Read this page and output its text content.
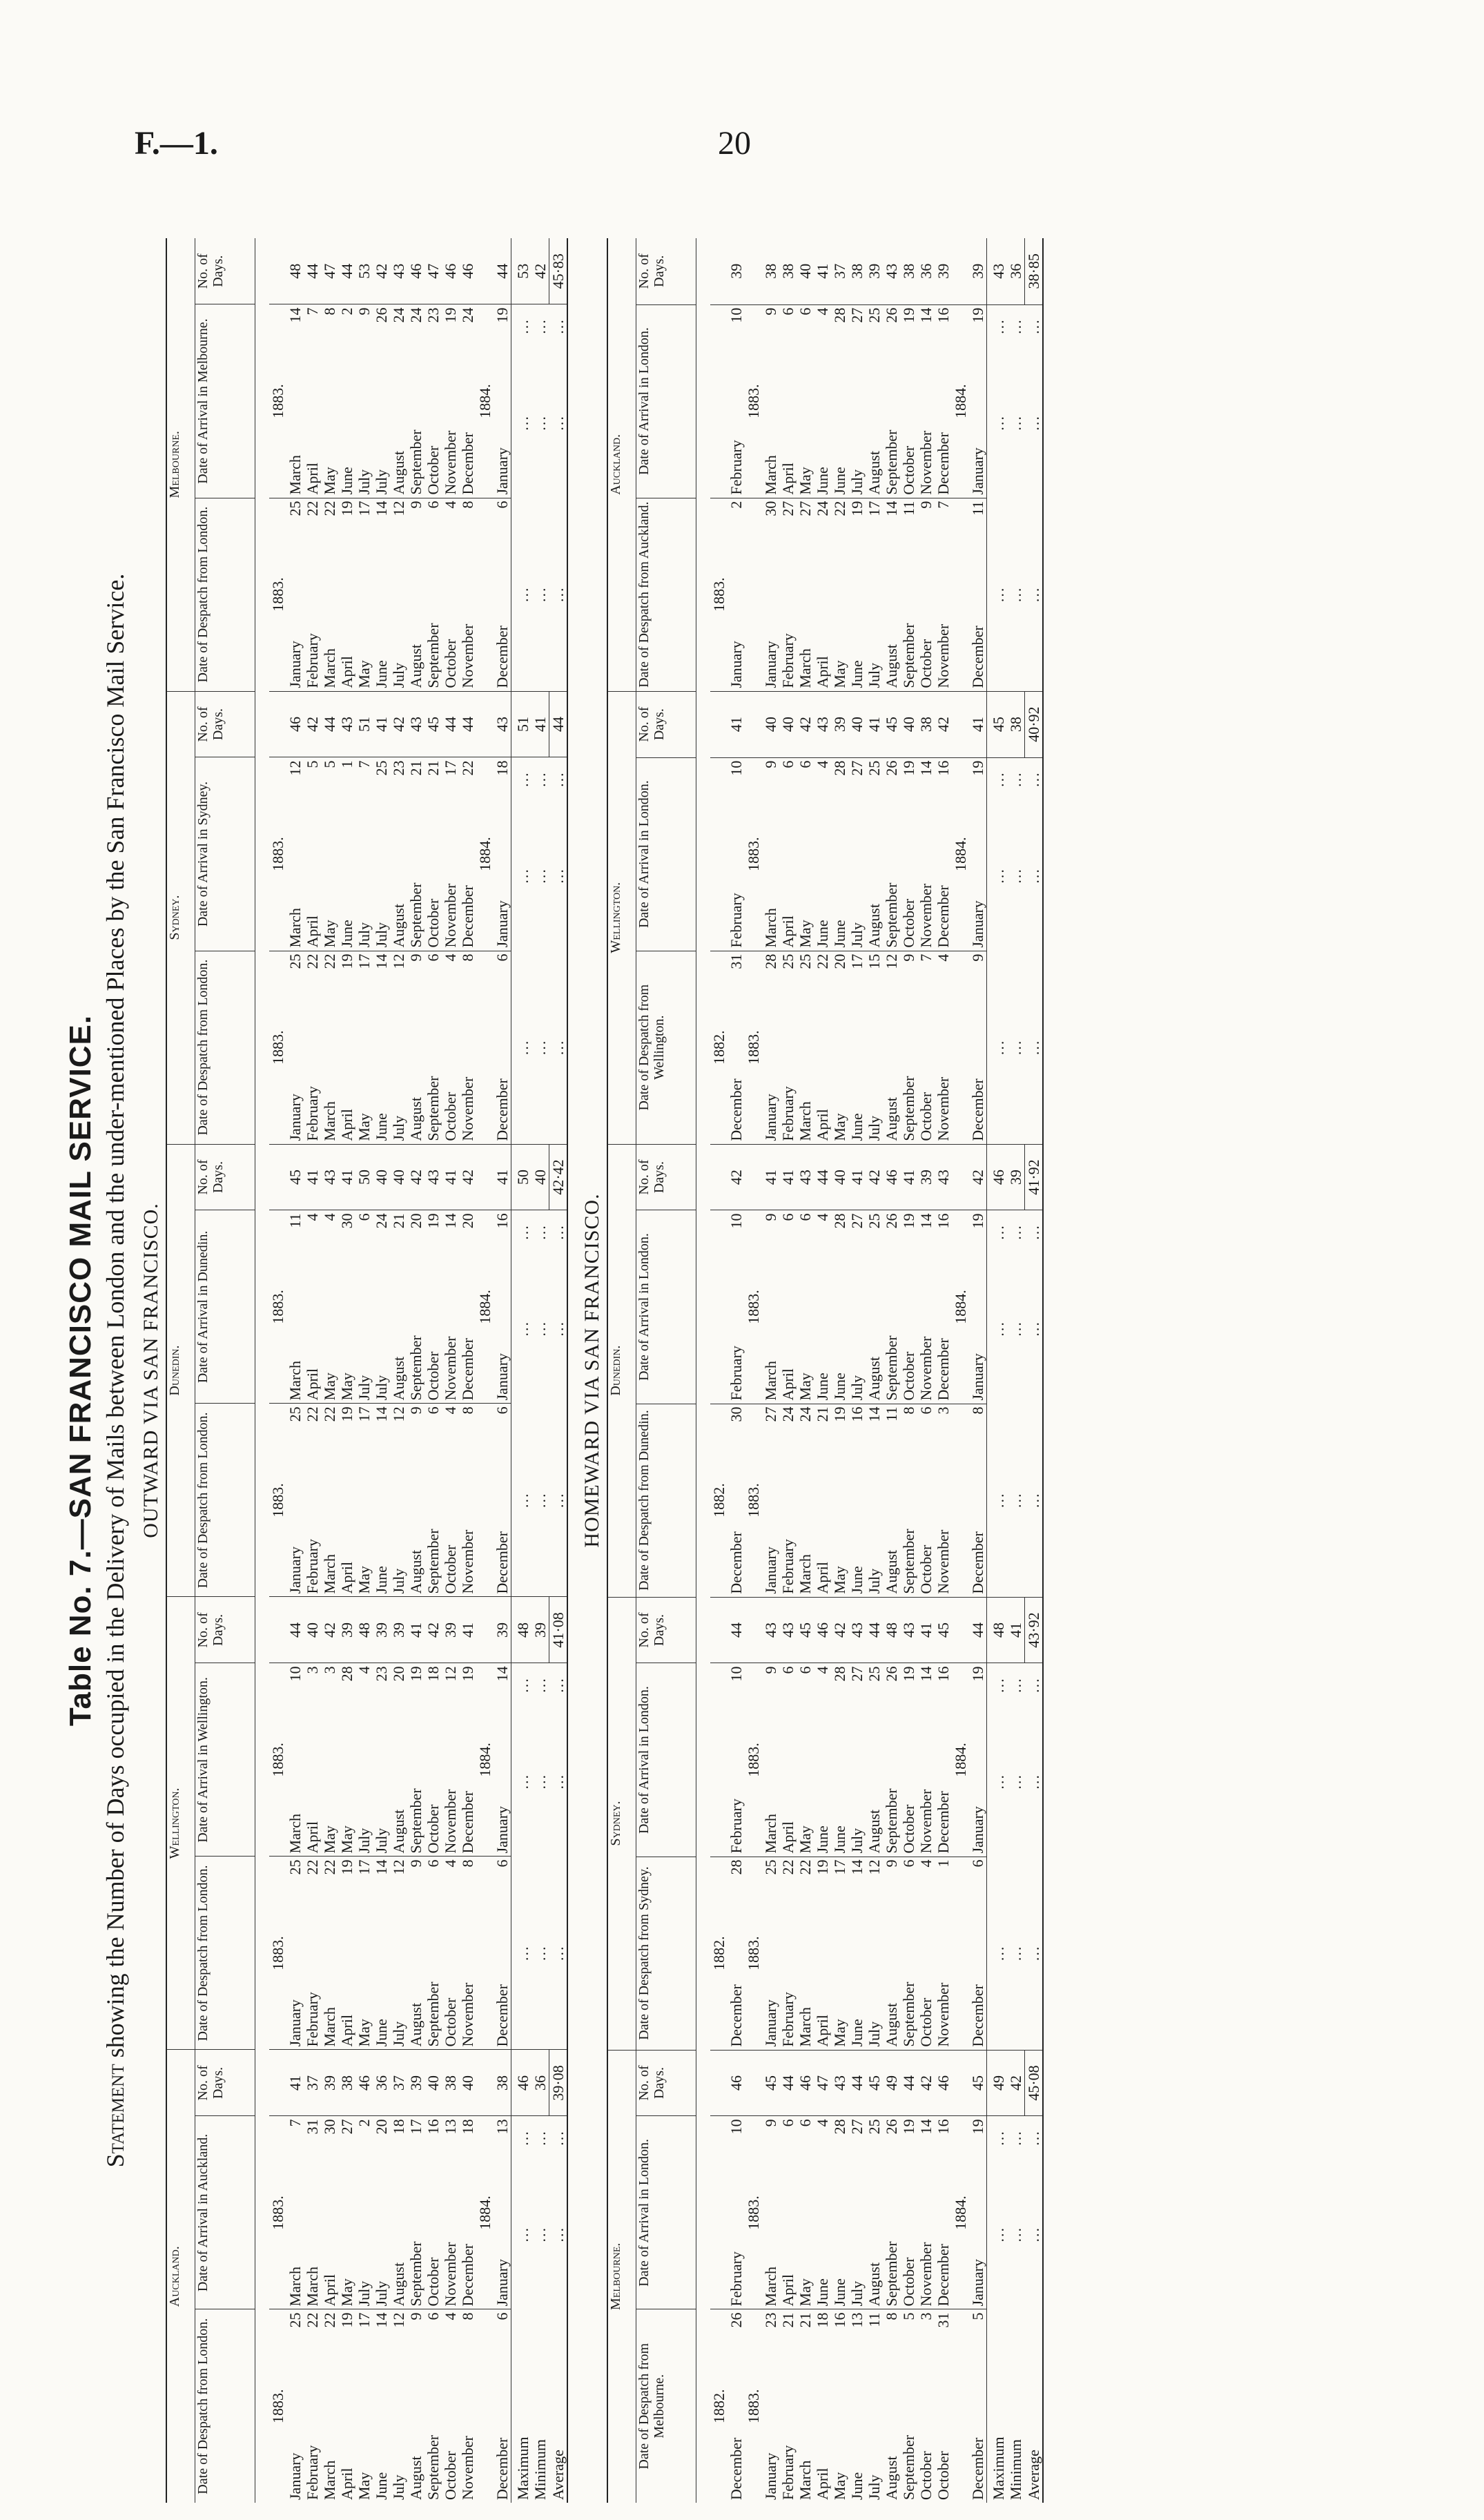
F.—1.	20
Table No. 7.—SAN FRANCISCO MAIL SERVICE.
Statement showing the Number of Days occupied in the Delivery of Mails between London and the under-mentioned Places by the San Francisco Mail Service. OUTWARD VIA SAN FRANCISCO.
Auckland.					Wellington.					Dunedin.					Sydney.					Melbourne.				
Date of Despatch from London.		Date of Arrival in Auckland.		No. of Days.	Date of Despatch from London.		Date of Arrival in Wellington.		No. of Days.	Date of Despatch from London.		Date of Arrival in Dunedin.		No. of Days.	Date of Despatch from London.		Date of Arrival in Sydney.		No. of Days.	Date of Despatch from London.		Date of Arrival in Melbourne.		No. of Days.

1883.		1883.			1883.		1883.			1883.		1883.			1883.		1883.			1883.		1883.		
January	25	March	7	41	January	25	March	10	44	January	25	March	11	45	January	25	March	12	46	January	25	March	14	48
February	22	March	31	37	February	22	April	3	40	February	22	April	4	41	February	22	April	5	42	February	22	April	7	44
March	22	April	30	39	March	22	May	3	42	March	22	May	4	43	March	22	May	5	44	March	22	May	8	47
April	19	May	27	38	April	19	May	28	39	April	19	May	30	41	April	19	June	1	43	April	19	June	2	44
May	17	July	2	46	May	17	July	4	48	May	17	July	6	50	May	17	July	7	51	May	17	July	9	53
June	14	July	20	36	June	14	July	23	39	June	14	July	24	40	June	14	July	25	41	June	14	July	26	42
July	12	August	18	37	July	12	August	20	39	July	12	August	21	40	July	12	August	23	42	July	12	August	24	43
August	9	September	17	39	August	9	September	19	41	August	9	September	20	42	August	9	September	21	43	August	9	September	24	46
September	6	October	16	40	September	6	October	18	42	September	6	October	19	43	September	6	October	21	45	September	6	October	23	47
October	4	November	13	38	October	4	November	12	39	October	4	November	14	41	October	4	November	17	44	October	4	November	19	46
November	8	December	18	40	November	8	December	19	41	November	8	December	20	42	November	8	December	22	44	November	8	December	24	46
		1884.					1884.					1884.					1884.					1884.		
December	6	January	13	38	December	6	January	14	39	December	6	January	16	41	December	6	January	18	43	December	6	January	19	44
Maximum		...	...	46	...		...	...	48	...		...	...	50	...		...	...	51	...		...	...	53
Minimum		...	...	36	...		...	...	39	...		...	...	40	...		...	...	41	...		...	...	42
Average		...	...	39·08	...		...	...	41·08	...		...	...	42·42	...		...	...	44	...		...	...	45·83
HOMEWARD VIA SAN FRANCISCO.
Melbourne.					Sydney.					Dunedin.					Wellington.					Auckland.				
Date of Despatch from Melbourne.		Date of Arrival in London.		No. of Days.	Date of Despatch from Sydney.		Date of Arrival in London.		No. of Days.	Date of Despatch from Dunedin.		Date of Arrival in London.		No. of Days.	Date of Despatch from Wellington.		Date of Arrival in London.		No. of Days.	Date of Despatch from Auckland.		Date of Arrival in London.		No. of Days.

1882.					1882.					1882.					1882.					1883.				
December	26	February	10	46	December	28	February	10	44	December	30	February	10	42	December	31	February	10	41	January	2	February	10	39
1883.		1883.			1883.		1883.			1883.		1883.			1883.		1883.					1883.		
January	23	March	9	45	January	25	March	9	43	January	27	March	9	41	January	28	March	9	40	January	30	March	9	38
February	21	April	6	44	February	22	April	6	43	February	24	April	6	41	February	25	April	6	40	February	27	April	6	38
March	21	May	6	46	March	22	May	6	45	March	24	May	6	43	March	25	May	6	42	March	27	May	6	40
April	18	June	4	47	April	19	June	4	46	April	21	June	4	44	April	22	June	4	43	April	24	June	4	41
May	16	June	28	43	May	17	June	28	42	May	19	June	28	40	May	20	June	28	39	May	22	June	28	37
June	13	July	27	44	June	14	July	27	43	June	16	July	27	41	June	17	July	27	40	June	19	July	27	38
July	11	August	25	45	July	12	August	25	44	July	14	August	25	42	July	15	August	25	41	July	17	August	25	39
August	8	September	26	49	August	9	September	26	48	August	11	September	26	46	August	12	September	26	45	August	14	September	26	43
September	5	October	19	44	September	6	October	19	43	September	8	October	19	41	September	9	October	19	40	September	11	October	19	38
October	3	November	14	42	October	4	November	14	41	October	6	November	14	39	October	7	November	14	38	October	9	November	14	36
October	31	December	16	46	November	1	December	16	45	November	3	December	16	43	November	4	December	16	42	November	7	December	16	39
		1884.					1884.					1884.					1884.					1884.		
December	5	January	19	45	December	6	January	19	44	December	8	January	19	42	December	9	January	19	41	December	11	January	19	39
Maximum		...	...	49	...		...	...	48	...		...	...	46	...		...	...	45	...		...	...	43
Minimum		...	...	42	...		...	...	41	...		...	...	39	...		...	...	38	...		...	...	36
Average		...	...	45·08	...		...	...	43·92	...		...	...	41·92	...		...	...	40·92	...		...	...	38·85
